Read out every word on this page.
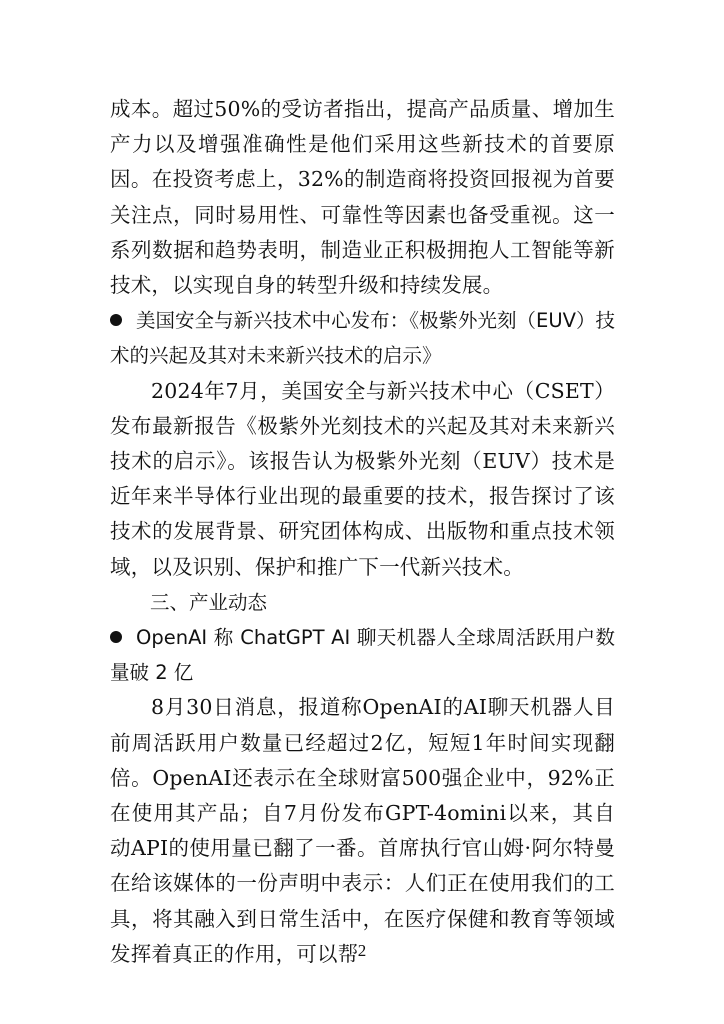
成本。超过50%的受访者指出，提高产品质量、增加生产力以及增强准确性是他们采用这些新技术的首要原因。在投资考虑上，32%的制造商将投资回报视为首要关注点，同时易用性、可靠性等因素也备受重视。这一系列数据和趋势表明，制造业正积极拥抱人工智能等新技术，以实现自身的转型升级和持续发展。

美国安全与新兴技术中心发布：《极紫外光刻（EUV）技术的兴起及其对未来新兴技术的启示》

2024年7月，美国安全与新兴技术中心（CSET）发布最新报告《极紫外光刻技术的兴起及其对未来新兴技术的启示》。该报告认为极紫外光刻（EUV）技术是近年来半导体行业出现的最重要的技术，报告探讨了该技术的发展背景、研究团体构成、出版物和重点技术领域，以及识别、保护和推广下一代新兴技术。

三、产业动态

OpenAI 称 ChatGPT AI 聊天机器人全球周活跃用户数量破 2 亿

8月30日消息，报道称OpenAI的AI聊天机器人目前周活跃用户数量已经超过2亿，短短1年时间实现翻倍。OpenAI还表示在全球财富500强企业中，92%正在使用其产品；自7月份发布GPT-4omini以来，其自动API的使用量已翻了一番。首席执行官山姆·阿尔特曼在给该媒体的一份声明中表示：人们正在使用我们的工具，将其融入到日常生活中，在医疗保健和教育等领域发挥着真正的作用，可以帮 2
